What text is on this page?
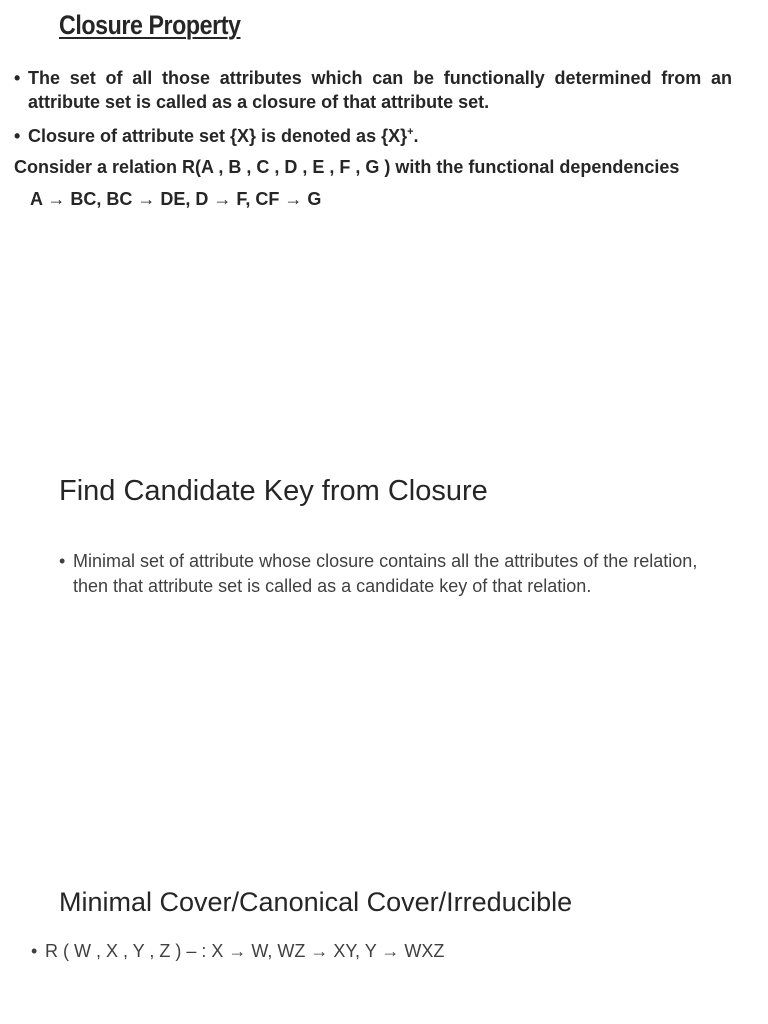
Closure Property
• The set of all those attributes which can be functionally determined from an attribute set is called as a closure of that attribute set.
• Closure of attribute set {X} is denoted as {X}+.
Consider a relation R(A , B , C , D , E , F , G ) with the functional dependencies
A → BC, BC → DE, D → F, CF → G
Find Candidate Key from Closure
• Minimal set of attribute whose closure contains all the attributes of the relation, then that attribute set is called as a candidate key of that relation.
Minimal Cover/Canonical Cover/Irreducible
• R ( W , X , Y , Z ) – : X → W, WZ → XY, Y → WXZ
